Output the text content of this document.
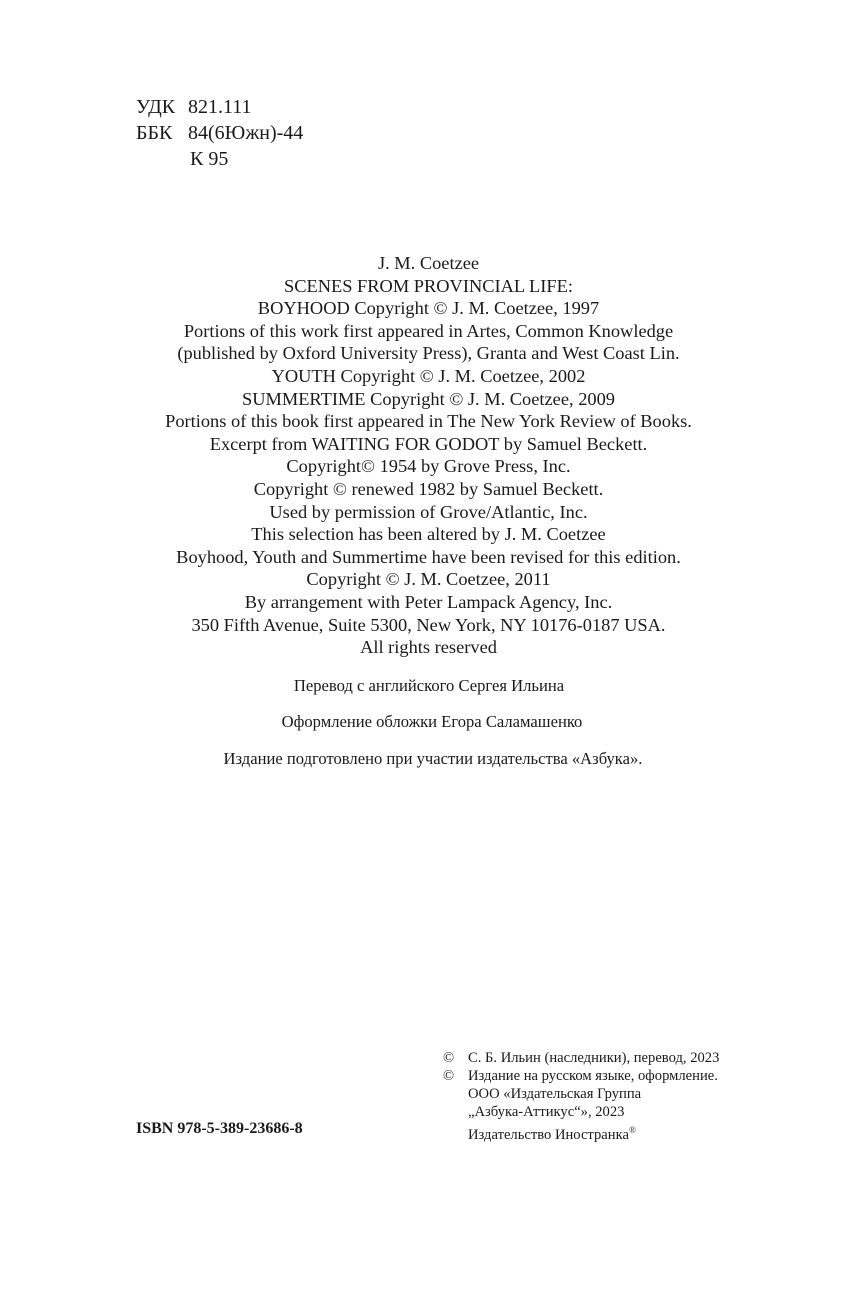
УДК 821.111
ББК 84(6Южн)-44
К 95
J. M. Coetzee
SCENES FROM PROVINCIAL LIFE:
BOYHOOD Copyright © J. M. Coetzee, 1997
Portions of this work first appeared in Artes, Common Knowledge
(published by Oxford University Press), Granta and West Coast Lin.
YOUTH Copyright © J. M. Coetzee, 2002
SUMMERTIME Copyright © J. M. Coetzee, 2009
Portions of this book first appeared in The New York Review of Books.
Excerpt from WAITING FOR GODOT by Samuel Beckett.
Copyright© 1954 by Grove Press, Inc.
Copyright © renewed 1982 by Samuel Beckett.
Used by permission of Grove/Atlantic, Inc.
This selection has been altered by J. M. Coetzee
Boyhood, Youth and Summertime have been revised for this edition.
Copyright © J. M. Coetzee, 2011
By arrangement with Peter Lampack Agency, Inc.
350 Fifth Avenue, Suite 5300, New York, NY 10176-0187 USA.
All rights reserved
Перевод с английского Сергея Ильина
Оформление обложки Егора Саламашенко
Издание подготовлено при участии издательства «Азбука».
ISBN 978-5-389-23686-8
© С. Б. Ильин (наследники), перевод, 2023
© Издание на русском языке, оформление.
ООО «Издательская Группа
„Азбука-Аттикус“», 2023
Издательство Иностранка®
